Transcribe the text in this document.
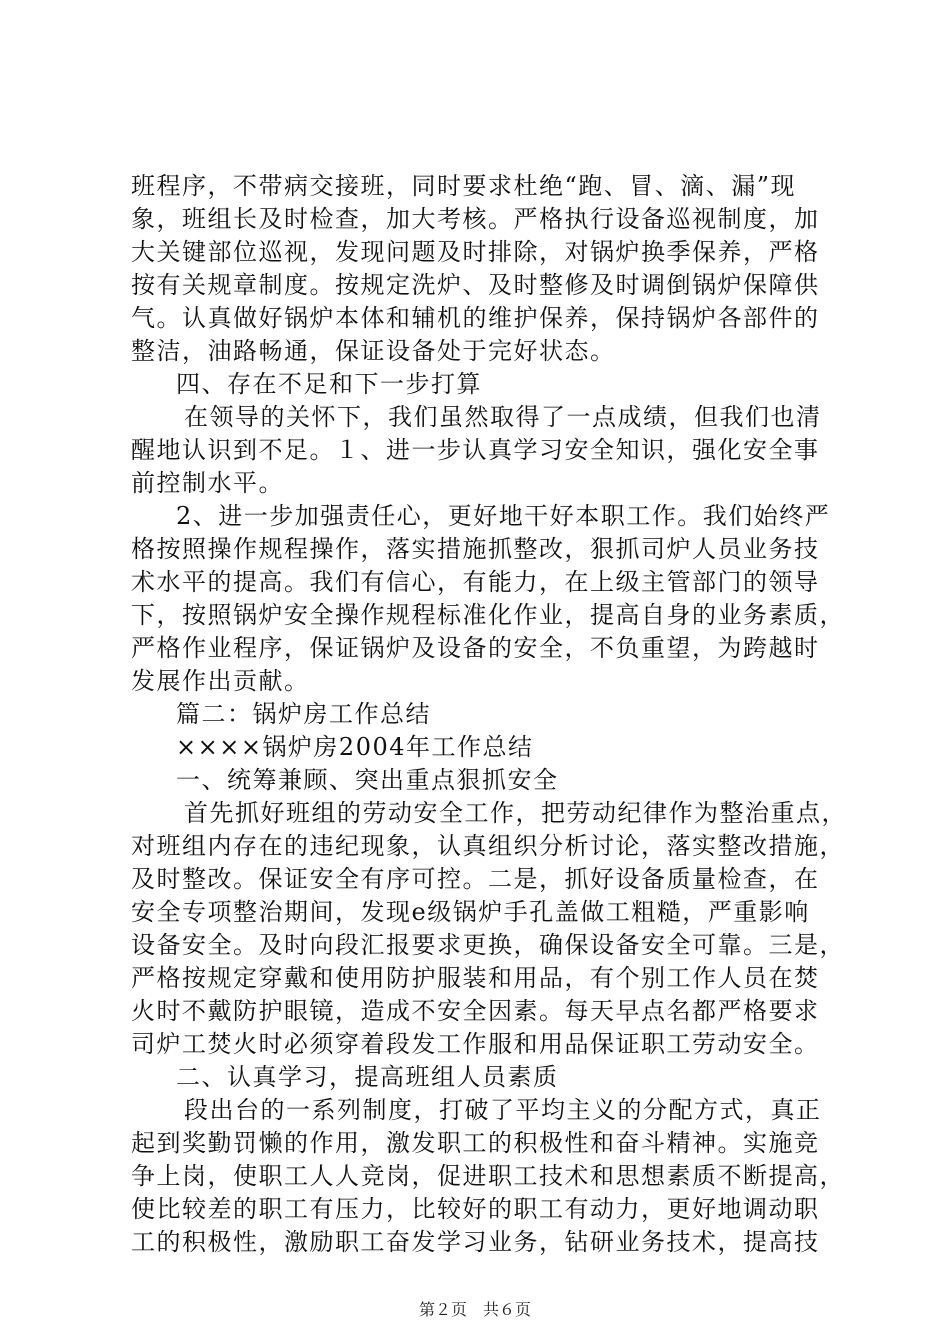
班程序，不带病交接班，同时要求杜绝“跑、冒、滴、漏”现
象，班组长及时检查，加大考核。严格执行设备巡视制度，加
大关键部位巡视，发现问题及时排除，对锅炉换季保养，严格
按有关规章制度。按规定洗炉、及时整修及时调倒锅炉保障供
气。认真做好锅炉本体和辅机的维护保养，保持锅炉各部件的
整洁，油路畅通，保证设备处于完好状态。
四、存在不足和下一步打算
在领导的关怀下，我们虽然取得了一点成绩，但我们也清
醒地认识到不足。１、进一步认真学习安全知识，强化安全事
前控制水平。
2、进一步加强责任心，更好地干好本职工作。我们始终严
格按照操作规程操作，落实措施抓整改，狠抓司炉人员业务技
术水平的提高。我们有信心，有能力，在上级主管部门的领导
下，按照锅炉安全操作规程标准化作业，提高自身的业务素质，
严格作业程序，保证锅炉及设备的安全，不负重望，为跨越时
发展作出贡献。
篇二：锅炉房工作总结
××××锅炉房2004年工作总结
一、统筹兼顾、突出重点狠抓安全
首先抓好班组的劳动安全工作，把劳动纪律作为整治重点，
对班组内存在的违纪现象，认真组织分析讨论，落实整改措施，
及时整改。保证安全有序可控。二是，抓好设备质量检查，在
安全专项整治期间，发现e级锅炉手孔盖做工粗糙，严重影响
设备安全。及时向段汇报要求更换，确保设备安全可靠。三是，
严格按规定穿戴和使用防护服装和用品，有个别工作人员在焚
火时不戴防护眼镜，造成不安全因素。每天早点名都严格要求
司炉工焚火时必须穿着段发工作服和用品保证职工劳动安全。
二、认真学习，提高班组人员素质
段出台的一系列制度，打破了平均主义的分配方式，真正
起到奖勤罚懒的作用，激发职工的积极性和奋斗精神。实施竞
争上岗，使职工人人竞岗，促进职工技术和思想素质不断提高，
使比较差的职工有压力，比较好的职工有动力，更好地调动职
工的积极性，激励职工奋发学习业务，钻研业务技术，提高技
第２页　共６页
